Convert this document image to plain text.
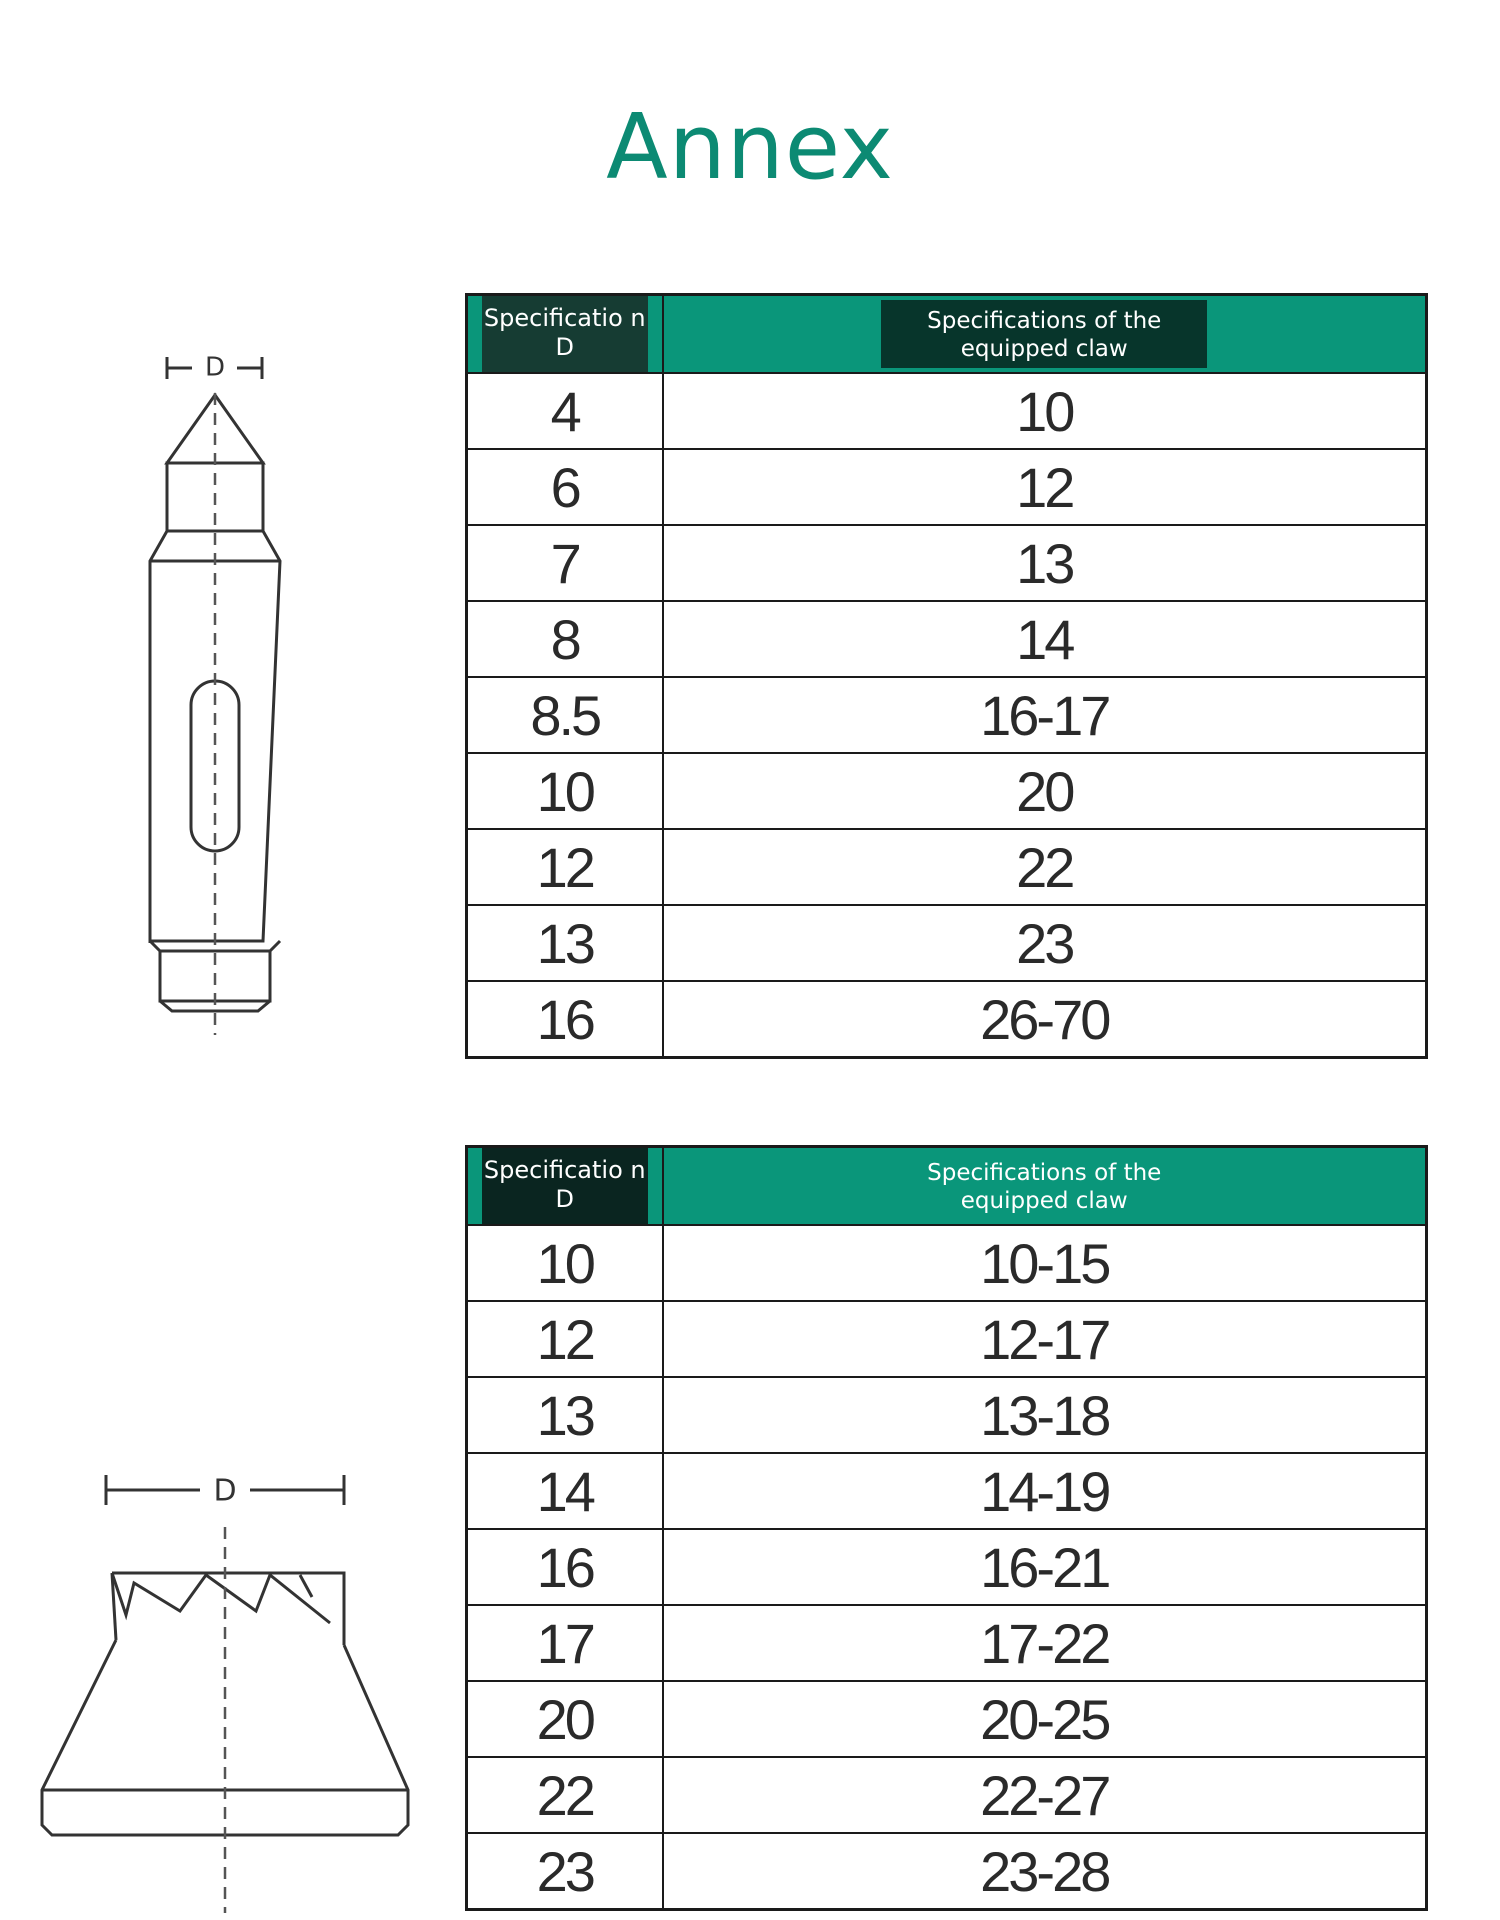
Annex
D
D
Specificatio n D	Specifications of the equipped claw
4	10
6	12
7	13
8	14
8.5	16-17
10	20
12	22
13	23
16	26-70
Specificatio n D	Specifications of the equipped claw
10	10-15
12	12-17
13	13-18
14	14-19
16	16-21
17	17-22
20	20-25
22	22-27
23	23-28
